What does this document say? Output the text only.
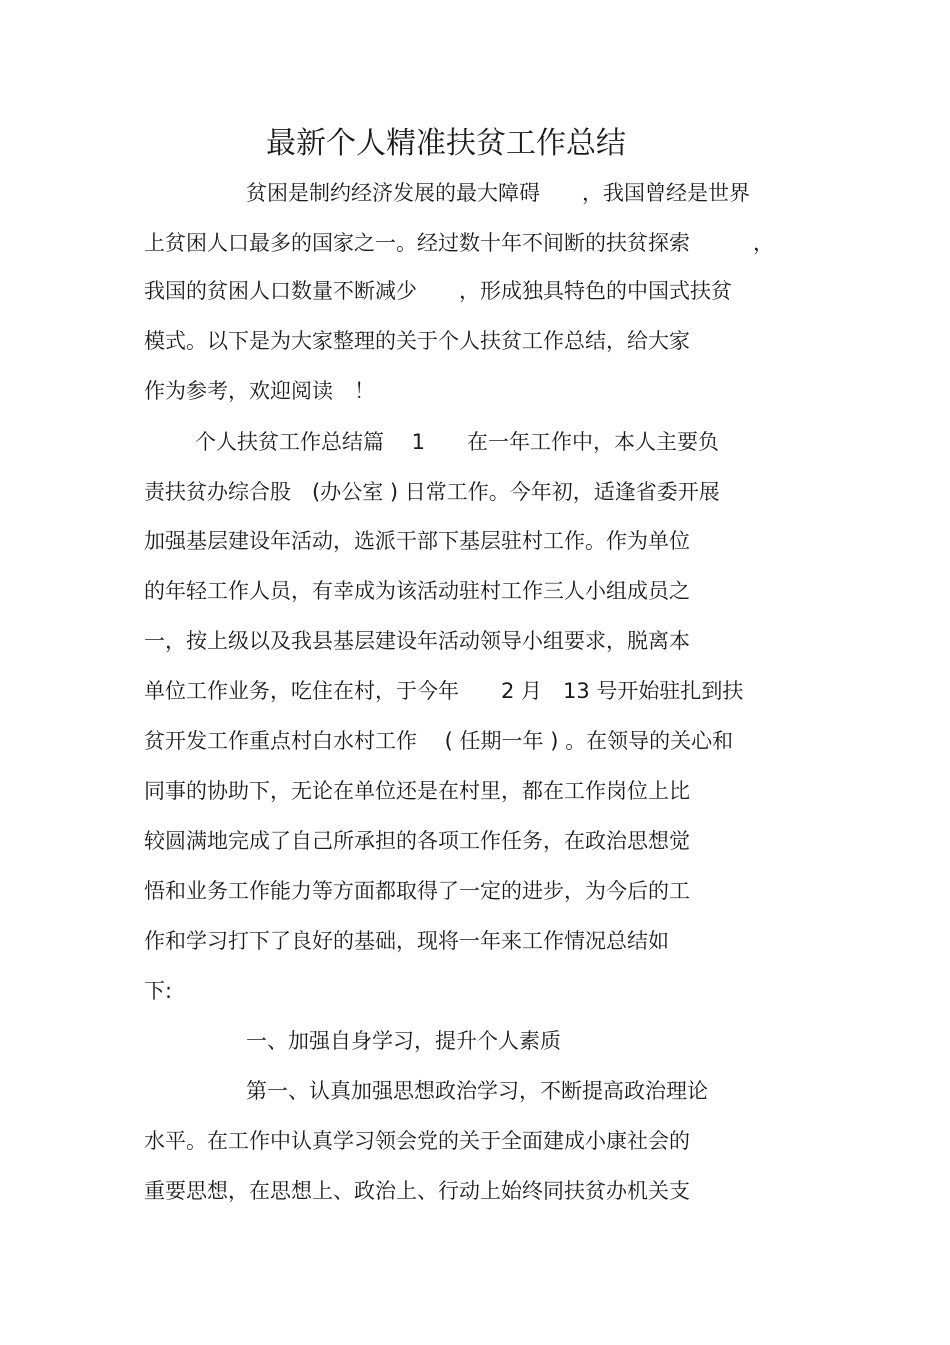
最新个人精准扶贫工作总结
贫困是制约经济发展的最大障碍　　，我国曾经是世界
上贫困人口最多的国家之一。经过数十年不间断的扶贫探索　　　，
我国的贫困人口数量不断减少　　，形成独具特色的中国式扶贫
模式。以下是为大家整理的关于个人扶贫工作总结，给大家
作为参考，欢迎阅读　！
个人扶贫工作总结篇　 1　　在一年工作中，本人主要负
责扶贫办综合股　(办公室 ) 日常工作。今年初，适逢省委开展
加强基层建设年活动，选派干部下基层驻村工作。作为单位
的年轻工作人员，有幸成为该活动驻村工作三人小组成员之
一，按上级以及我县基层建设年活动领导小组要求，脱离本
单位工作业务，吃住在村，于今年　　2 月　13 号开始驻扎到扶
贫开发工作重点村白水村工作　 ( 任期一年 ) 。在领导的关心和
同事的协助下，无论在单位还是在村里，都在工作岗位上比
较圆满地完成了自己所承担的各项工作任务，在政治思想觉
悟和业务工作能力等方面都取得了一定的进步，为今后的工
作和学习打下了良好的基础，现将一年来工作情况总结如
下:
一、加强自身学习，提升个人素质
第一、认真加强思想政治学习，不断提高政治理论
水平。在工作中认真学习领会党的关于全面建成小康社会的
重要思想，在思想上、政治上、行动上始终同扶贫办机关支
